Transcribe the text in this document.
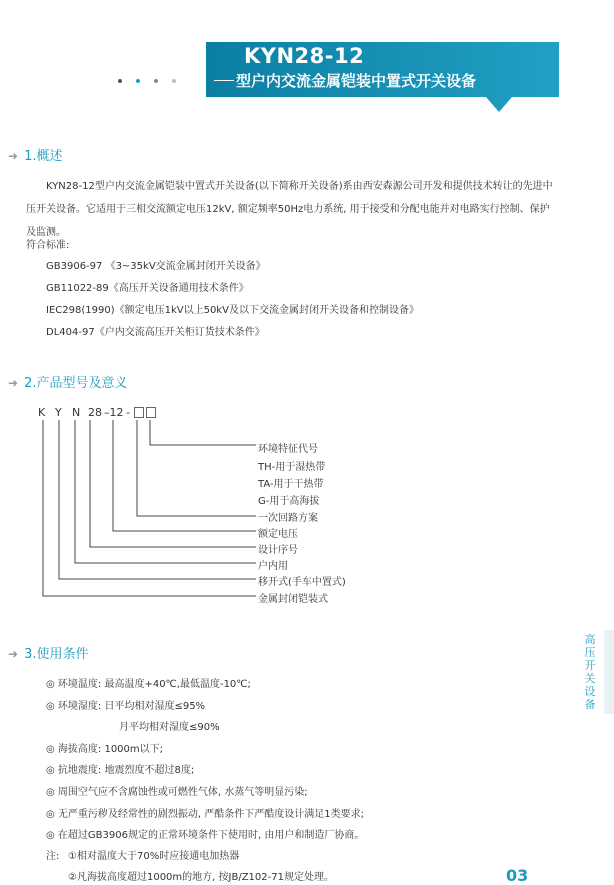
KYN28-12
型户内交流金属铠装中置式开关设备
➜ 1.概述
KYN28-12型户内交流金属铠装中置式开关设备(以下简称开关设备)系由西安森源公司开发和提供技术转让的先进中压开关设备。它适用于三相交流额定电压12kV, 额定频率50Hz电力系统, 用于接受和分配电能并对电路实行控制、保护及监测。
符合标准:
GB3906-97 《3~35kV交流金属封闭开关设备》
GB11022-89《高压开关设备通用技术条件》
IEC298(1990)《额定电压1kV以上50kV及以下交流金属封闭开关设备和控制设备》
DL404-97《户内交流高压开关柜订货技术条件》
➜ 2.产品型号及意义
K Y N 28 –12 -
环境特征代号
TH-用于湿热带
TA-用于干热带
G-用于高海拔
一次回路方案
额定电压
设计序号
户内用
移开式(手车中置式)
金属封闭铠装式
➜ 3.使用条件
◎ 环境温度: 最高温度+40℃,最低温度-10℃;
◎ 环境湿度: 日平均相对湿度≤95%
月平均相对湿度≤90%
◎ 海拔高度: 1000m以下;
◎ 抗地震度: 地震烈度不超过8度;
◎ 周围空气应不含腐蚀性或可燃性气体, 水蒸气等明显污染;
◎ 无严重污秽及经常性的剧烈振动, 严酷条件下严酷度设计满足1类要求;
◎ 在超过GB3906规定的正常环境条件下使用时, 由用户和制造厂协商。
注: ①相对温度大于70%时应接通电加热器
②凡海拔高度超过1000m的地方, 按JB/Z102-71规定处理。
高
压
开
关
设
备
03
